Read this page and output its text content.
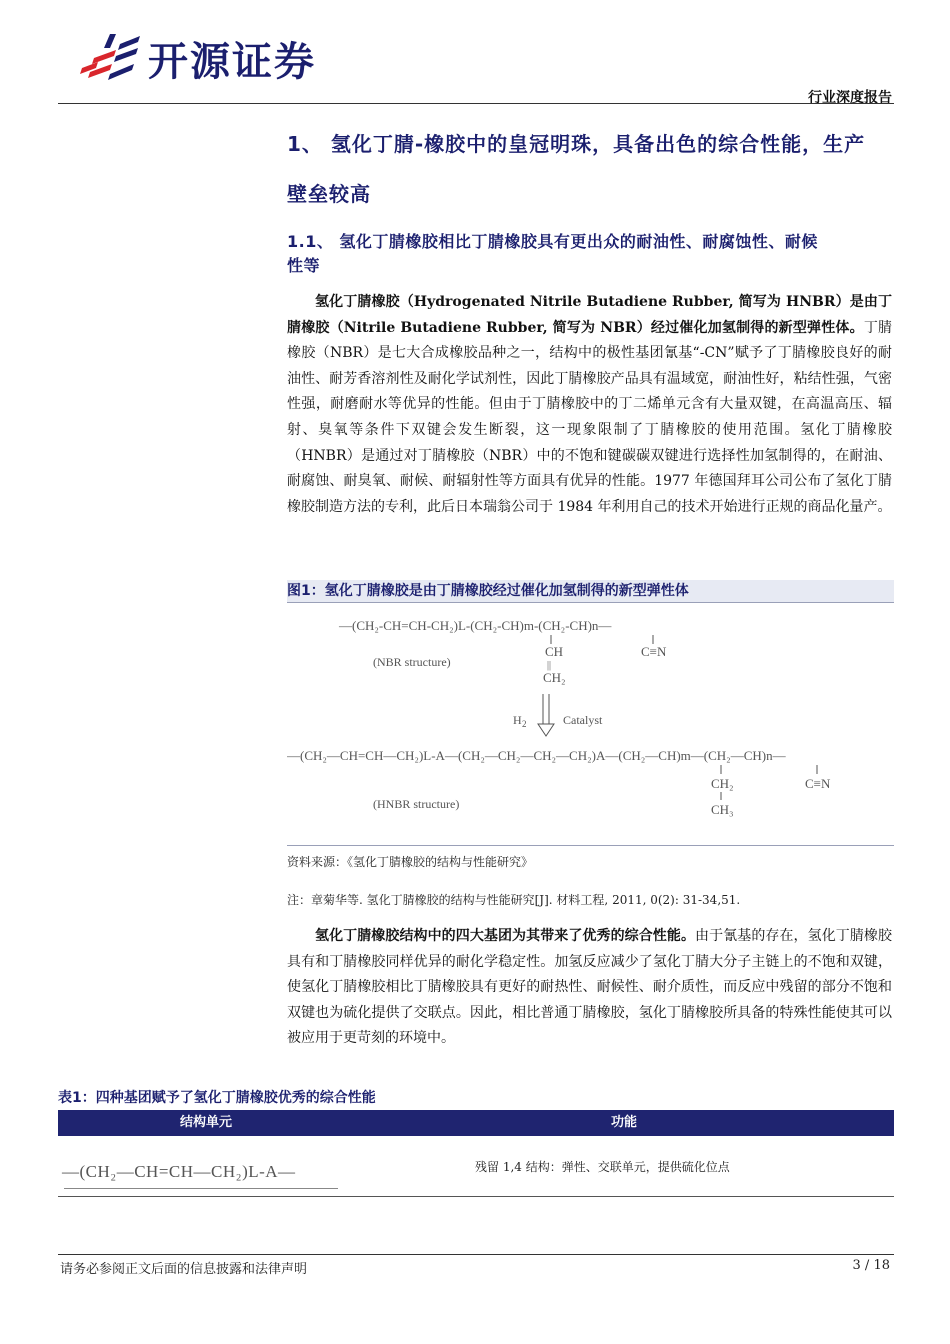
开源证券
行业深度报告
1、 氢化丁腈-橡胶中的皇冠明珠，具备出色的综合性能，生产
壁垒较高
1.1、 氢化丁腈橡胶相比丁腈橡胶具有更出众的耐油性、耐腐蚀性、耐候
性等
氢化丁腈橡胶（Hydrogenated Nitrile Butadiene Rubber, 简写为 HNBR）是由丁腈橡胶（Nitrile Butadiene Rubber, 简写为 NBR）经过催化加氢制得的新型弹性体。丁腈橡胶（NBR）是七大合成橡胶品种之一，结构中的极性基团氰基“-CN”赋予了丁腈橡胶良好的耐油性、耐芳香溶剂性及耐化学试剂性，因此丁腈橡胶产品具有温域宽，耐油性好，粘结性强，气密性强，耐磨耐水等优异的性能。但由于丁腈橡胶中的丁二烯单元含有大量双键，在高温高压、辐射、臭氧等条件下双键会发生断裂，这一现象限制了丁腈橡胶的使用范围。氢化丁腈橡胶（HNBR）是通过对丁腈橡胶（NBR）中的不饱和键碳碳双键进行选择性加氢制得的，在耐油、耐腐蚀、耐臭氧、耐候、耐辐射性等方面具有优异的性能。1977 年德国拜耳公司公布了氢化丁腈橡胶制造方法的专利，此后日本瑞翁公司于 1984 年利用自己的技术开始进行正规的商品化量产。
图1：氢化丁腈橡胶是由丁腈橡胶经过催化加氢制得的新型弹性体
—(CH₂-CH=CH-CH₂)L-(CH₂-CH)m-(CH₂-CH)n—
CH
||
CH₂
C≡N
(NBR structure)
H 2	Catalyst
—(CH₂—CH=CH—CH₂)L-A—(CH₂—CH₂—CH₂—CH₂)A—(CH₂—CH)m—(CH₂—CH)n—
CH₂
CH₃
C≡N
(HNBR structure)
资料来源：《氢化丁腈橡胶的结构与性能研究》
注：章菊华等. 氢化丁腈橡胶的结构与性能研究[J]. 材料工程, 2011, 0(2): 31-34,51.
氢化丁腈橡胶结构中的四大基团为其带来了优秀的综合性能。由于氰基的存在，氢化丁腈橡胶具有和丁腈橡胶同样优异的耐化学稳定性。加氢反应减少了氢化丁腈大分子主链上的不饱和双键，使氢化丁腈橡胶相比丁腈橡胶具有更好的耐热性、耐候性、耐介质性，而反应中残留的部分不饱和双键也为硫化提供了交联点。因此，相比普通丁腈橡胶，氢化丁腈橡胶所具备的特殊性能使其可以被应用于更苛刻的环境中。
表1：四种基团赋予了氢化丁腈橡胶优秀的综合性能
结构单元	功能
—(CH₂—CH=CH—CH₂)L-A—	残留 1,4 结构：弹性、交联单元，提供硫化位点
请务必参阅正文后面的信息披露和法律声明	3 / 18
